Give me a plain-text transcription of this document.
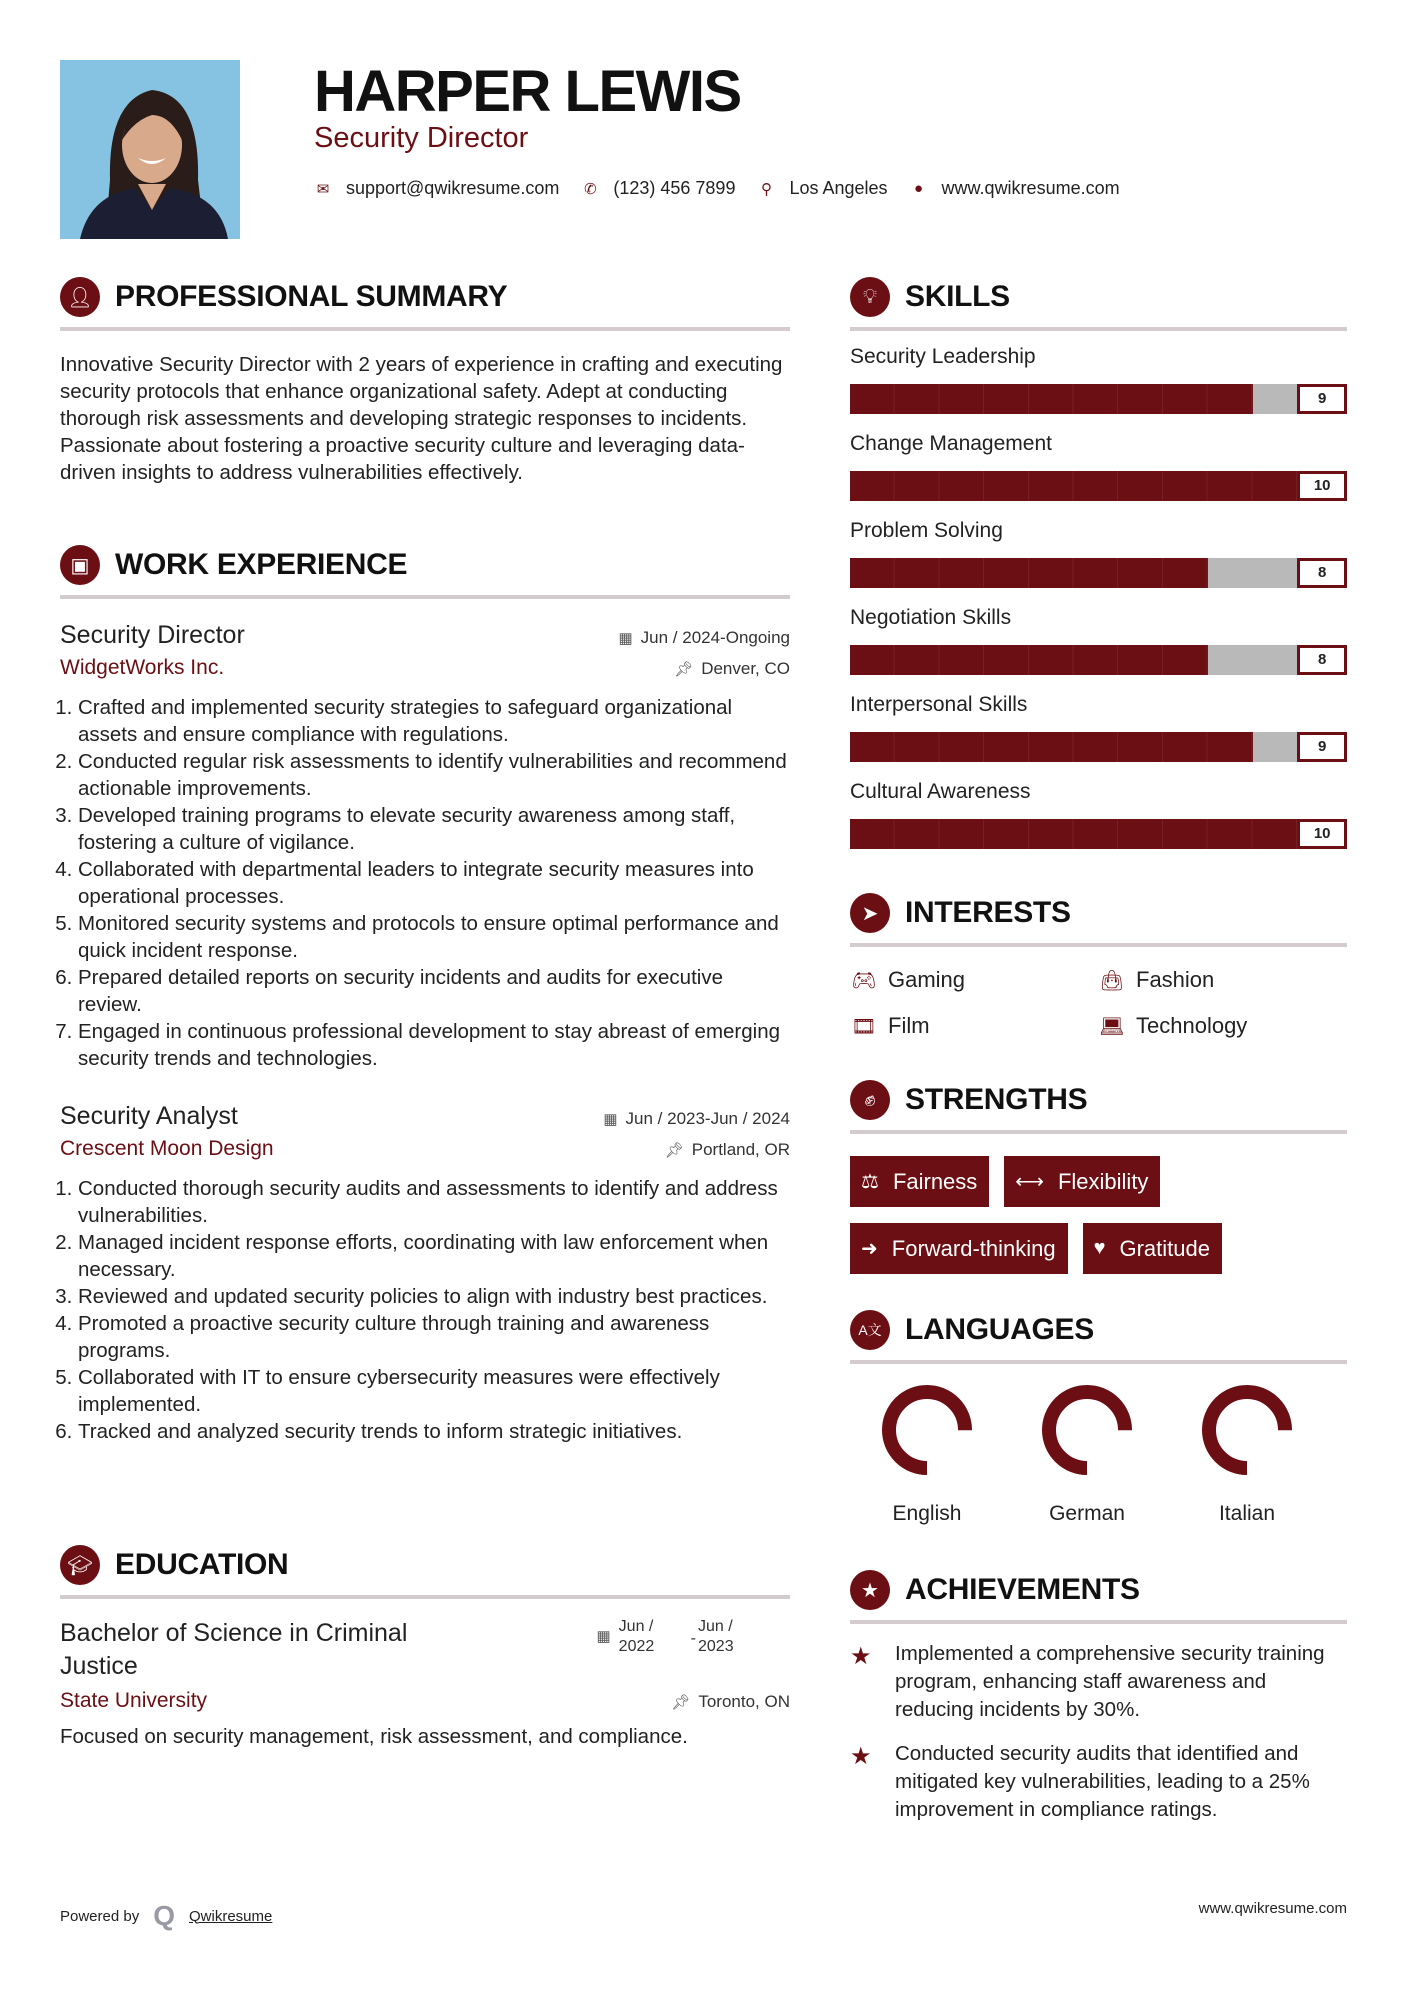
HARPER LEWIS
Security Director
✉ support@qwikresume.com ✆ (123) 456 7899 ⚲ Los Angeles ● www.qwikresume.com
👤︎ PROFESSIONAL SUMMARY

Innovative Security Director with 2 years of experience in crafting and executing security protocols that enhance organizational safety. Adept at conducting thorough risk assessments and developing strategic responses to incidents. Passionate about fostering a proactive security culture and leveraging data-driven insights to address vulnerabilities effectively.

▣ WORK EXPERIENCE
Security Director	▦ Jun / 2024-Ongoing
WidgetWorks Inc.	📌︎ Denver, CO
1. Crafted and implemented security strategies to safeguard organizational assets and ensure compliance with regulations.
2. Conducted regular risk assessments to identify vulnerabilities and recommend actionable improvements.
3. Developed training programs to elevate security awareness among staff, fostering a culture of vigilance.
4. Collaborated with departmental leaders to integrate security measures into operational processes.
5. Monitored security systems and protocols to ensure optimal performance and quick incident response.
6. Prepared detailed reports on security incidents and audits for executive review.
7. Engaged in continuous professional development to stay abreast of emerging security trends and technologies.
Security Analyst	▦ Jun / 2023-Jun / 2024
Crescent Moon Design	📌︎ Portland, OR
1. Conducted thorough security audits and assessments to identify and address vulnerabilities.
2. Managed incident response efforts, coordinating with law enforcement when necessary.
3. Reviewed and updated security policies to align with industry best practices.
4. Promoted a proactive security culture through training and awareness programs.
5. Collaborated with IT to ensure cybersecurity measures were effectively implemented.
6. Tracked and analyzed security trends to inform strategic initiatives.
🎓︎ EDUCATION
Bachelor of Science in Criminal Justice
▦
Jun / 2022	-
Jun / 2023
State University	📌︎ Toronto, ON

Focused on security management, risk assessment, and compliance.

💡︎ SKILLS
Security Leadership
9
Change Management
10
Problem Solving
8
Negotiation Skills
8
Interpersonal Skills
9
Cultural Awareness
10
➤ INTERESTS
🎮︎ Gaming	👜︎ Fashion
🎞︎ Film	💻︎ Technology
✊︎ STRENGTHS
⚖︎ Fairness ⟷ Flexibility
➜ Forward-thinking ♥ Gratitude
A文 LANGUAGES
English	German	Italian
★ ACHIEVEMENTS
★	Implemented a comprehensive security training program, enhancing staff awareness and reducing incidents by 30%.

★	Conducted security audits that identified and mitigated key vulnerabilities, leading to a 25% improvement in compliance ratings.

Powered by Q Qwikresume	www.qwikresume.com
